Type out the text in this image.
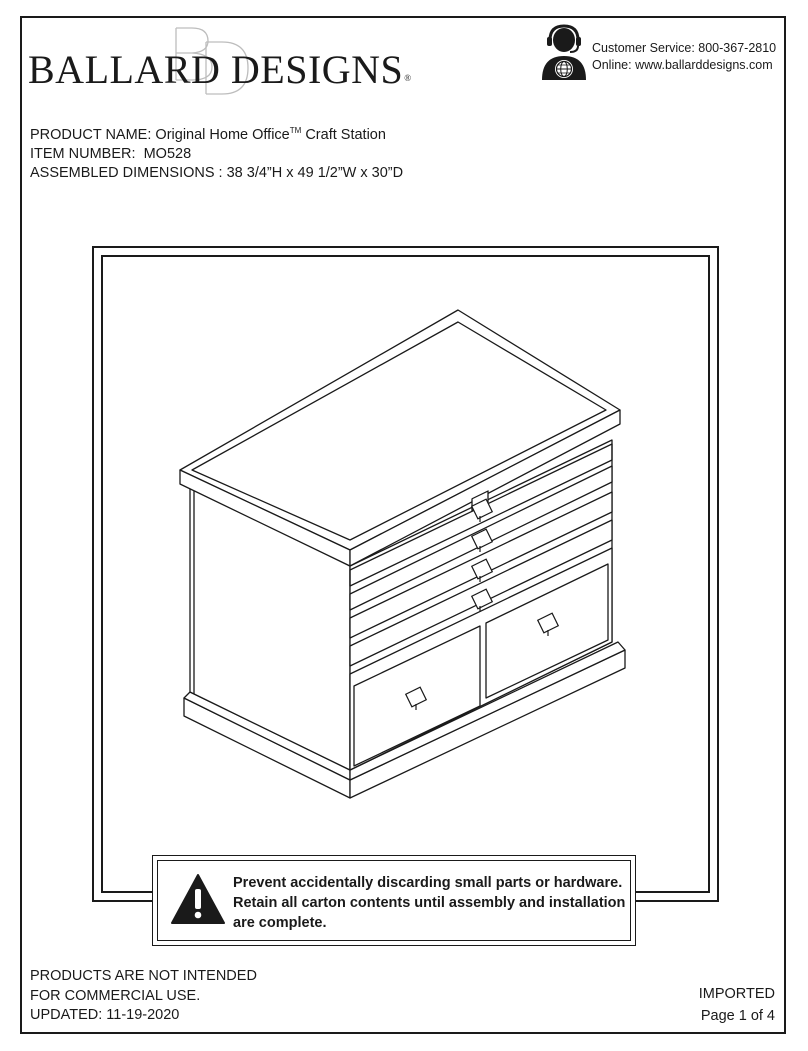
BALLARD DESIGNS®
Customer Service: 800-367-2810
Online: www.ballarddesigns.com
PRODUCT NAME: Original Home Office™ Craft Station
ITEM NUMBER: MO528
ASSEMBLED DIMENSIONS : 38 3/4”H x 49 1/2”W x 30”D
Prevent accidentally discarding small parts or hardware. Retain all carton contents until assembly and installation are complete.
PRODUCTS ARE NOT INTENDED
FOR COMMERCIAL USE.
UPDATED: 11-19-2020
IMPORTED
Page 1 of 4
